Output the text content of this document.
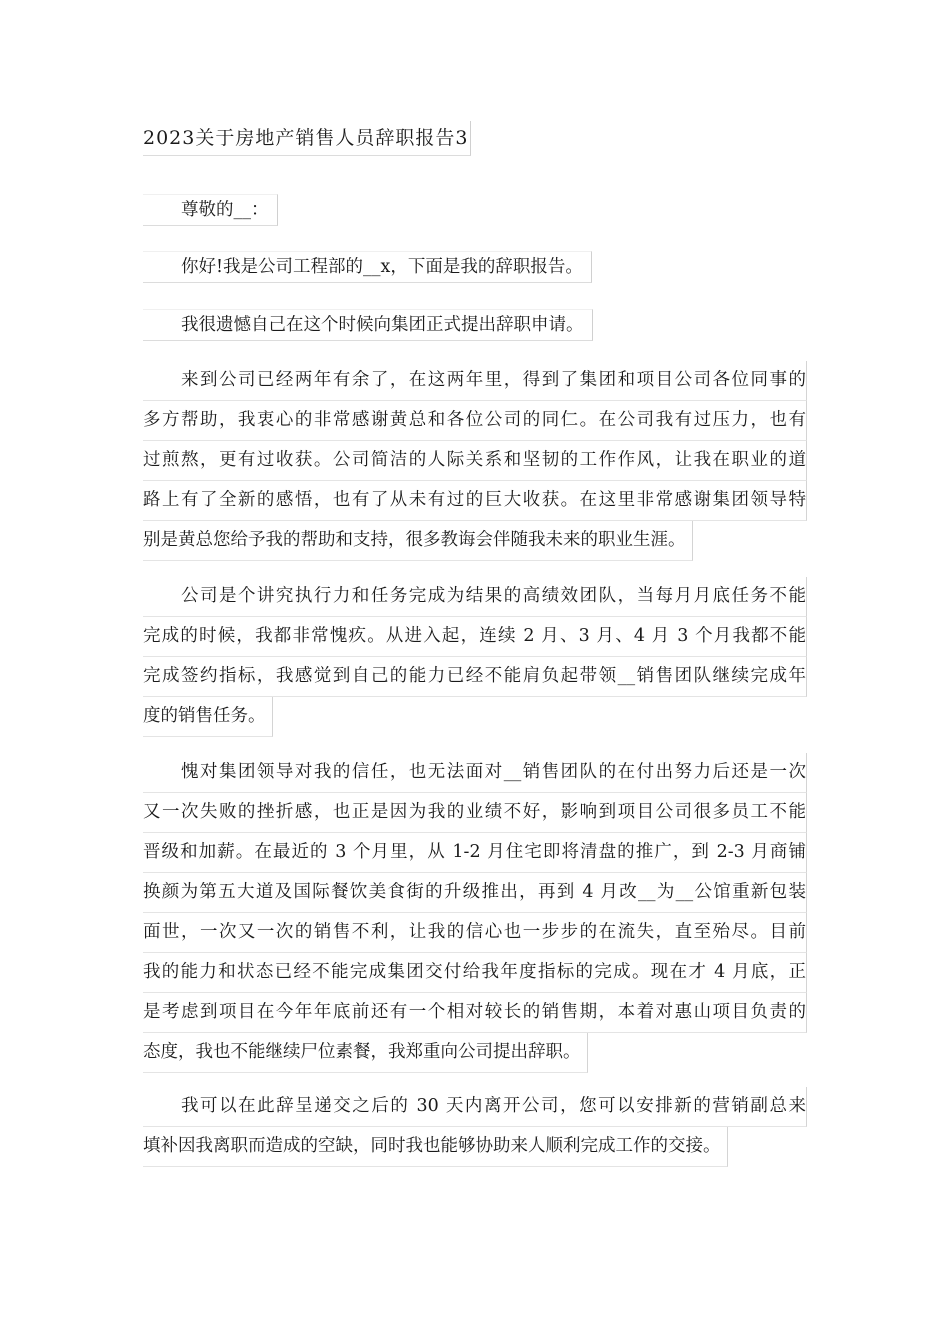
2023关于房地产销售人员辞职报告3
尊敬的__：
你好!我是公司工程部的__x，下面是我的辞职报告。
我很遗憾自己在这个时候向集团正式提出辞职申请。
来到公司已经两年有余了，在这两年里，得到了集团和项目公司各位同事的
多方帮助，我衷心的非常感谢黄总和各位公司的同仁。在公司我有过压力，也有
过煎熬，更有过收获。公司简洁的人际关系和坚韧的工作作风，让我在职业的道
路上有了全新的感悟，也有了从未有过的巨大收获。在这里非常感谢集团领导特
别是黄总您给予我的帮助和支持，很多教诲会伴随我未来的职业生涯。
公司是个讲究执行力和任务完成为结果的高绩效团队，当每月月底任务不能
完成的时候，我都非常愧疚。从进入起，连续 2 月、3 月、4 月 3 个月我都不能
完成签约指标，我感觉到自己的能力已经不能肩负起带领__销售团队继续完成年
度的销售任务。
愧对集团领导对我的信任，也无法面对__销售团队的在付出努力后还是一次
又一次失败的挫折感，也正是因为我的业绩不好，影响到项目公司很多员工不能
晋级和加薪。在最近的 3 个月里，从 1-2 月住宅即将清盘的推广，到 2-3 月商铺
换颜为第五大道及国际餐饮美食街的升级推出，再到 4 月改__为__公馆重新包装
面世，一次又一次的销售不利，让我的信心也一步步的在流失，直至殆尽。目前
我的能力和状态已经不能完成集团交付给我年度指标的完成。现在才 4 月底，正
是考虑到项目在今年年底前还有一个相对较长的销售期，本着对惠山项目负责的
态度，我也不能继续尸位素餐，我郑重向公司提出辞职。
我可以在此辞呈递交之后的 30 天内离开公司，您可以安排新的营销副总来
填补因我离职而造成的空缺，同时我也能够协助来人顺利完成工作的交接。
